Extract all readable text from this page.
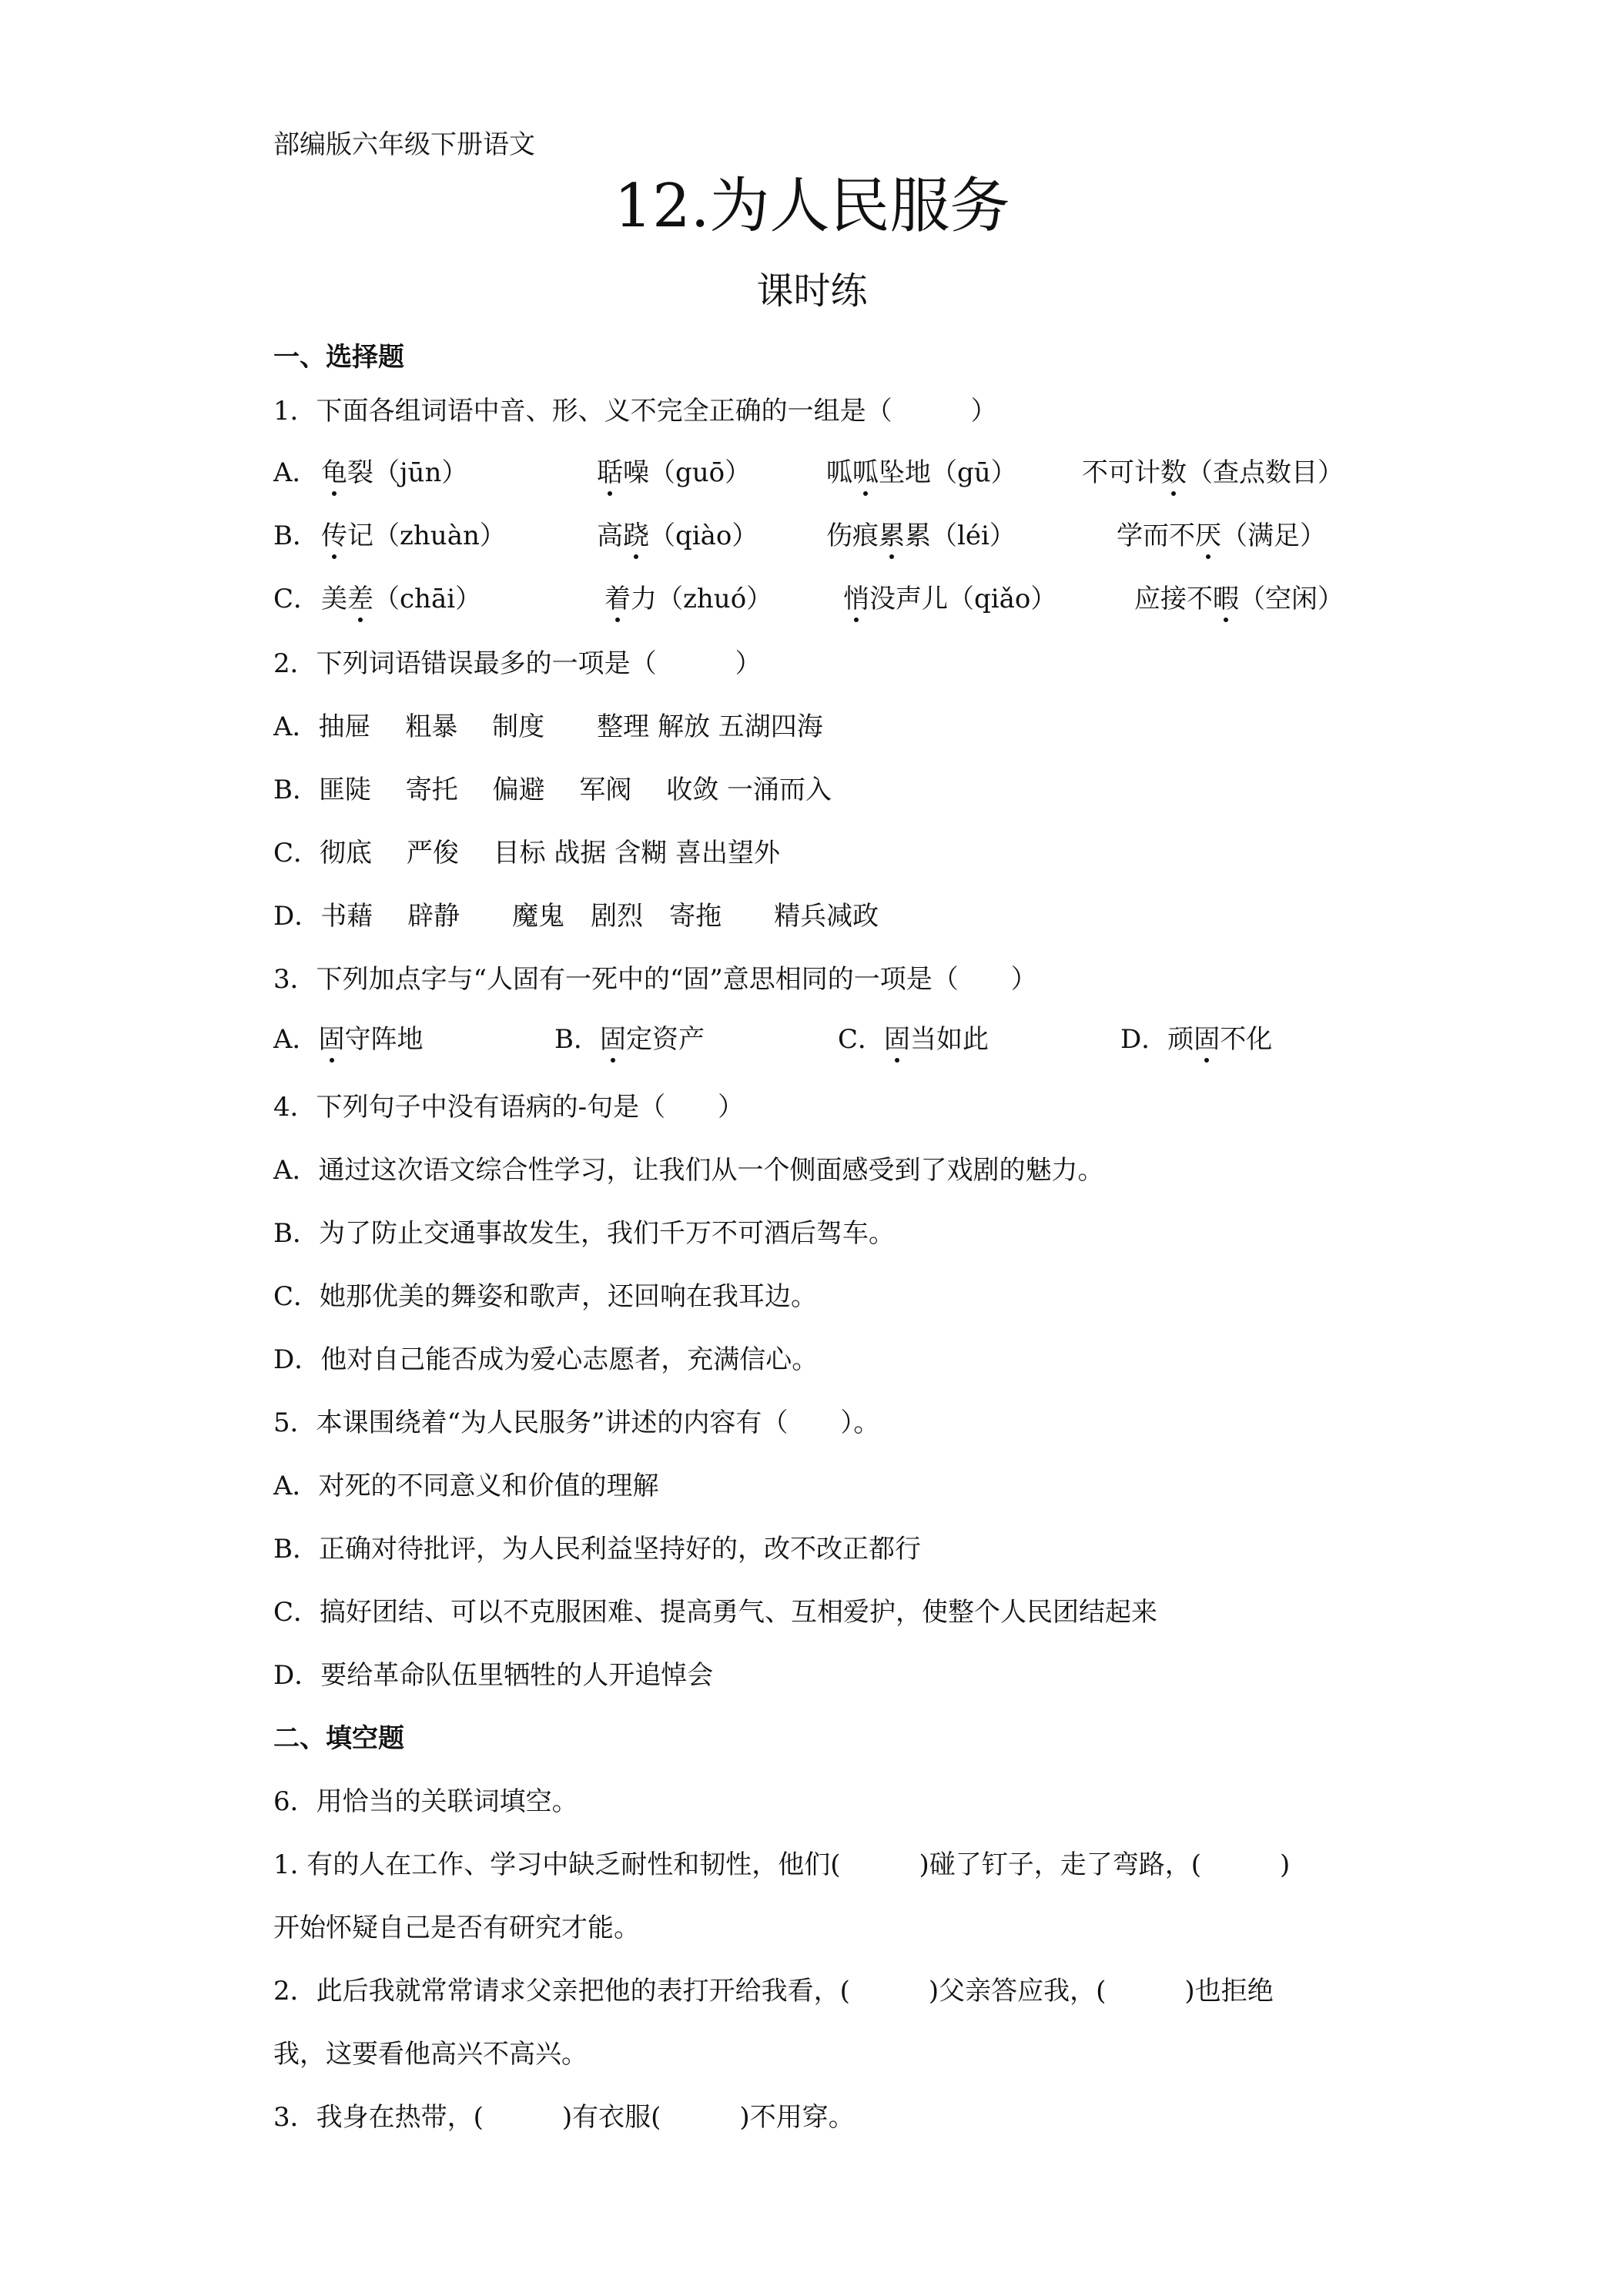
部编版六年级下册语文
12.为人民服务
课时练
一、选择题
1．下面各组词语中音、形、义不完全正确的一组是（　　　）
A． 龟裂（jūn）	聒噪（guō）	呱呱坠地（gū） 不可计数（查点数目）
B． 传记（zhuàn）	高跷（qiào）	伤痕累累（léi）	学而不厌（满足）
C． 美差（chāi）	着力（zhuó）	悄没声儿（qiǎo）	应接不暇（空闲）
2．下列词语错误最多的一项是（　　　）
A．抽屉　 粗暴　 制度　　整理 解放 五湖四海
B．匪陡　 寄托　 偏避　 军阀　 收敛 一涌而入
C．彻底　 严俊　 目标 战据 含糊 喜出望外
D．书藉　 辟静　　魔鬼　剧烈　寄拖　　精兵减政
3．下列加点字与“人固有一死中的“固”意思相同的一项是（　　）
A．固守阵地	B．固定资产	C．固当如此	D．顽固不化
4．下列句子中没有语病的-句是（　　）
A．通过这次语文综合性学习，让我们从一个侧面感受到了戏剧的魅力。
B．为了防止交通事故发生，我们千万不可酒后驾车。
C．她那优美的舞姿和歌声，还回响在我耳边。
D．他对自己能否成为爱心志愿者，充满信心。
5．本课围绕着“为人民服务”讲述的内容有（　　）。
A．对死的不同意义和价值的理解
B．正确对待批评，为人民利益坚持好的，改不改正都行
C．搞好团结、可以不克服困难、提高勇气、互相爱护，使整个人民团结起来
D．要给革命队伍里牺牲的人开追悼会
二、填空题
6．用恰当的关联词填空。
1. 有的人在工作、学习中缺乏耐性和韧性，他们(　　　)碰了钉子，走了弯路，(　　　)
开始怀疑自己是否有研究才能。
2．此后我就常常请求父亲把他的表打开给我看，(　　　)父亲答应我，(　　　)也拒绝
我，这要看他高兴不高兴。
3．我身在热带，(　　　)有衣服(　　　)不用穿。
